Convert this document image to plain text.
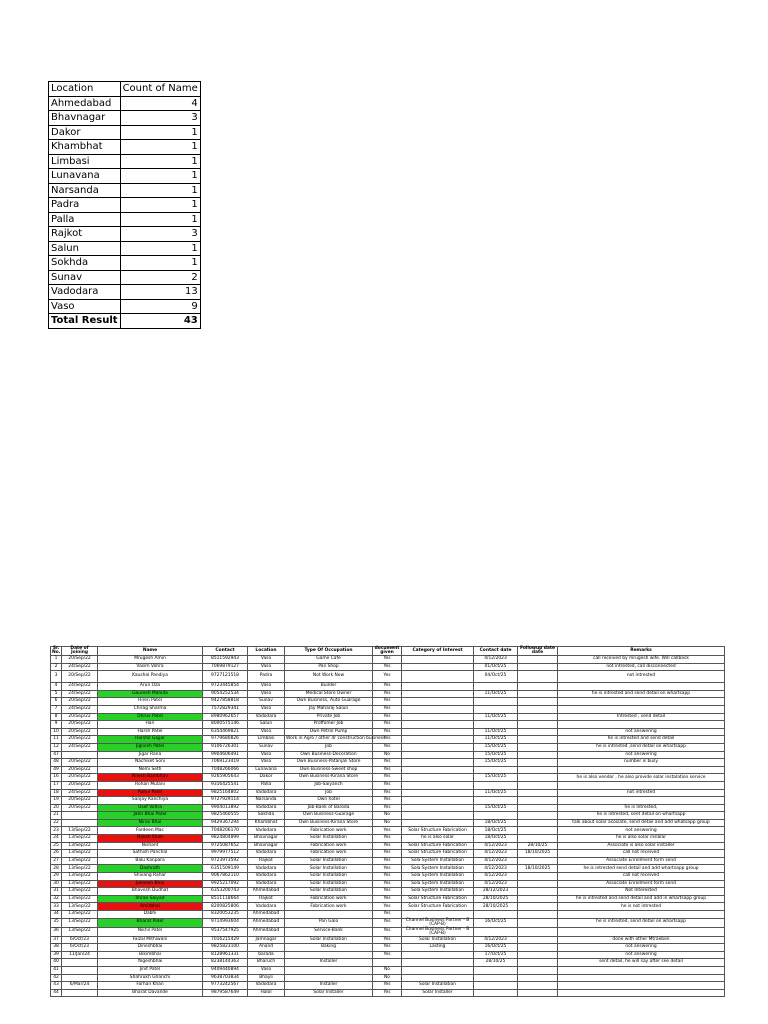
Location	Count of Name
Ahmedabad	4
Bhavnagar	3
Dakor	1
Khambhat	1
Limbasi	1
Lunavana	1
Narsanda	1
Padra	1
Palla	1
Rajkot	3
Salun	1
Sokhda	1
Sunav	2
Vadodara	13
Vaso	9
Total Result	43
Sr. No.	Date of Joining	Name	Contact	Location	Type Of Occupation	document given	Category of Interest	Contact date	Followup date date	Remarks
1	20/Sep/22	Mrugesh Amin	8511592943	Vaso	Game Cafe	Yes		4/12/2023		call received by mrugesh wife. Will callback
2	24/Sep/22	Vasim Vohra	7069879127	Vaso	Pan Shop	Yes		01/Oct/25		not intrested, call disconnected
3	20/Sep/22	Kaushal Pandiya	9727121518	Padra	Not Work Now	Yes		04/Oct/25		not intrested
4	24/Sep/22	Arun Oza	9723445854	Vaso	Builder	Yes				
5	24/Sep/22	Gauresh Mahida	9054252534	Vaso	Medical Store Owner	Yes		11/Oct/25		he is intrested and send detail on whartsapp
6	20/Sep/22	Hiren Patel	9427858818	Sunav	Own Business, Auto Guarage	Yes				
7	24/Sep/22	Chirag Sharma	7572829341	Vaso	Jay Maharaj Salun	Yes				
8	20/Sep/22	Dhruv Patel	8980962657	Vadodara	Private Job	Yes		11/Oct/25		Intrested , send detail
9	20/Sep/22	Hari	8000575146	Salun	Proffomer Job	Yes				
10	20/Sep/22	Harsh Patel	6354469821	Vaso	Own Petrol Pump	Yes		11/Oct/25		not answering
11	20/Sep/22	Harshil Gajjar	9779680826	Limbasi	Work in Agro / other dr construction business	Yes		11/Oct/25		he is intrested and send detail
12	24/Sep/22	Jignesh Patel	9106726301	Sunav	Job	Yes		15/Oct/25		he is intrested ,send detail on whartsapp
47		Jigar Rana	9904606491	Vaso	Own Business-Decoration	No		15/Oct/25		not answering
48	20/Sep/22	Nachiket Soni	7069123419	Vaso	Own Business-Patanjali Store	Yes		15/Oct/25		number is busy
49	20/Sep/22	Nemi Seth	7048266066	Lunavana	Own Business-Sweet shop	Yes				
16	20/Sep/22	Nilesh Bambhav	9265905643	Dakor	Own Business-Kirana Store	Yes		15/Oct/25		he is also vendor , he also provide solar instalation service
17	20/Sep/22	Rohan Mulani	9316425541	Palla	Job-Saiyanch	Yes				
18	24/Sep/22	Rahul Patel	9825164802	Vadodara	Job	Yes		11/Oct/25		not intrested
19	20/Sep/22	Sanjay Kanchiya	9727929114	Narsanda	Own hotel	Yes				
20	20/Sep/22	Usef Vohra	9904013892	Vadodara	Job-Bank of Baroda	Yes		15/Oct/25		he is Intrested,
21		Jatin Bhai Patel	9825460555	Sokhda	Own Business-Guarage	No				he is intrested, sent detail on whartsapp
22		Nirav Bhai	9429367294	Khambhat	Own Business-Kirana Store	No		18/Oct/25		talk about solar acosiate, send detail and add whatsapp group
23	13/Sep/22	Fardeen Mac	7048206170	Vadodara	Fabrication work	Yes	Solar Structure Fabrication	18/Oct/25		not answering
24	13/Sep/22	Nilesh Shah	9824804899	Bhavnagar	Solar Installation	Yes	he is also solar	18/Oct/25		he is also solar inslalar
25	13/Sep/22	Nishant	9725087652	Bhavnagar	Fabrication work	Yes	Solar Structure Fabrication	4/12/2023	28/10/25	Associate is also solar installer
26	13/Sep/22	Sathish Panchal	9979977512	Vadodara	Fabrication work	Yes	Solar Structure Fabrication	4/12/2023	18/10/2025	call not received
27	13/Sep/22	Balu Kanpara	9723973592	Rajkot	Solar Installation	Yes	Sola System Installation	4/12/2023		Associate Enrollment form send
28	13/Sep/22	Dashrath	6351509149	Vadodara	Solar Installation	Yes	Sola System Installation	4/12/2023	18/10/2025	he is intrested send detail and add whartsapp group
29	13/Sep/22	Shivang Rahar	9067862110	Vadodara	Solar Installation	Yes	Sola System Installation	4/12/2023		call not received
30	13/Sep/22	Jaimesh Bhai	9925217092	Vadodara	Solar Installation	Yes	Sola System Installation	4/12/2023		Associate Enrollment form send
31	13/Sep/22	Bhavesh Dudhat	6353200743	Ahmedabad	Solar Installation	Yes	Sola System Installation	28/12/2023		Not Interested
32	13/Sep/22	Imran Saiyad	8511118664	Rajkot	Fabrication work	Yes	Solar Structure Fabrication	28/10/2025		he is intrested and send detail and add in whartsapp group
33	13/Sep/22	Amirbhai	8200825806	Vadodara	Fabrication work	Yes	Solar Structure Fabrication	28/10/2025		he is not intrested
34	13/Sep/22	Dabhi	8320053235	Ahmedabad		Yes				
35	13/Sep/22	Bharat Patel	9714993604	Ahmedabad	Pan Galo	Yes	Channel Business Partner - B (CAP-B)	16/Oct/25		he is intrested, send detail on whartsapp
36	13/Sep/22	Nikhil Patel	9537547925	Ahmedabad	Service-Bank	Yes	Channel Business Partner - B (CAP-B)			
37	6/Oct/23	Faizal Mithiwani	7016215429	Jamnagar	Solar Installation	Yes	Solar Installation	4/12/2023		done with other Mtraeben
38	6/Oct/23	Dineshbhai	9825823100	Anand	Baking	Yes	Lasting	16/Oct/25		not answering
39	11/Jan/24	Bikimbhai	8128961331	barada		Yes		17/Oct/25		not answering
40		Yogeshbhai	8238144363	Bharuch	Installer			28/10/25		sent detail, he will say after see detail
41		Jinit Patel	9409440894	Vaso		No				
42		Shahrukh Ghanchi	9638703834	Bhayli		No				
43	6/Mar/24	Farhan Khan	9773242567	Vadodara	Installer	Yes	Solar Installation			
44		Bharat Davande	9879587649	Halol	Solar Installer	Yes	Solar Installer			
